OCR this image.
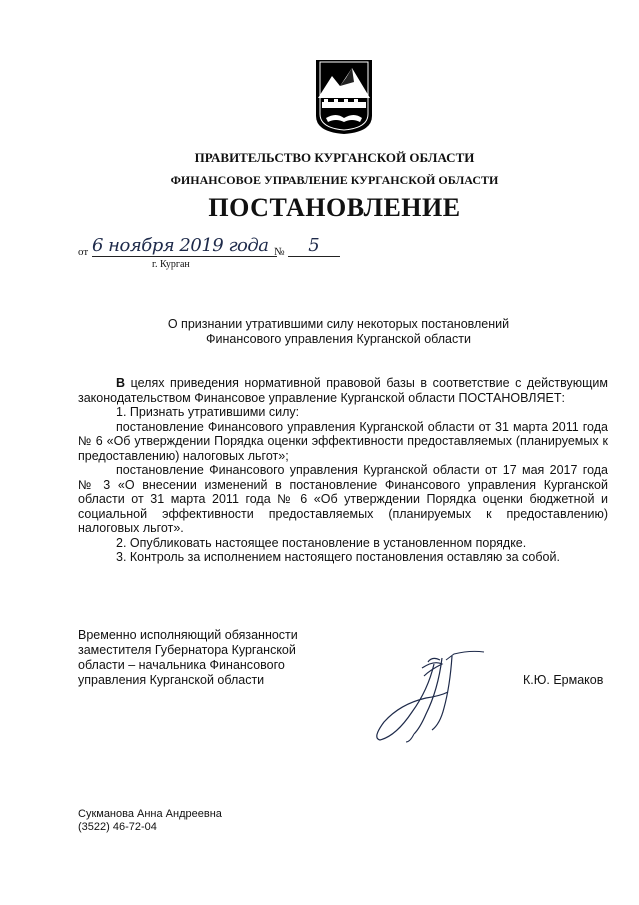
ПРАВИТЕЛЬСТВО КУРГАНСКОЙ ОБЛАСТИ
ФИНАНСОВОЕ УПРАВЛЕНИЕ КУРГАНСКОЙ ОБЛАСТИ
ПОСТАНОВЛЕНИЕ
от 6 ноября 2019 года №	5
г. Курган
О признании утратившими силу некоторых постановлений
Финансового управления Курганской области

В целях приведения нормативной правовой базы в соответствие с действующим законодательством Финансовое управление Курганской области ПОСТАНОВЛЯЕТ:

1. Признать утратившими силу:

постановление Финансового управления Курганской области от 31 марта 2011 года № 6 «Об утверждении Порядка оценки эффективности предоставляемых (планируемых к предоставлению) налоговых льгот»;

постановление Финансового управления Курганской области от 17 мая 2017 года № 3 «О внесении изменений в постановление Финансового управления Курганской области от 31 марта 2011 года № 6 «Об утверждении Порядка оценки бюджетной и социальной эффективности предоставляемых (планируемых к предоставлению) налоговых льгот».

2. Опубликовать настоящее постановление в установленном порядке.

3. Контроль за исполнением настоящего постановления оставляю за собой.

Временно исполняющий обязанности
заместителя Губернатора Курганской
области – начальника Финансового
управления Курганской области	К.Ю. Ермаков
Сукманова Анна Андреевна
(3522) 46-72-04
